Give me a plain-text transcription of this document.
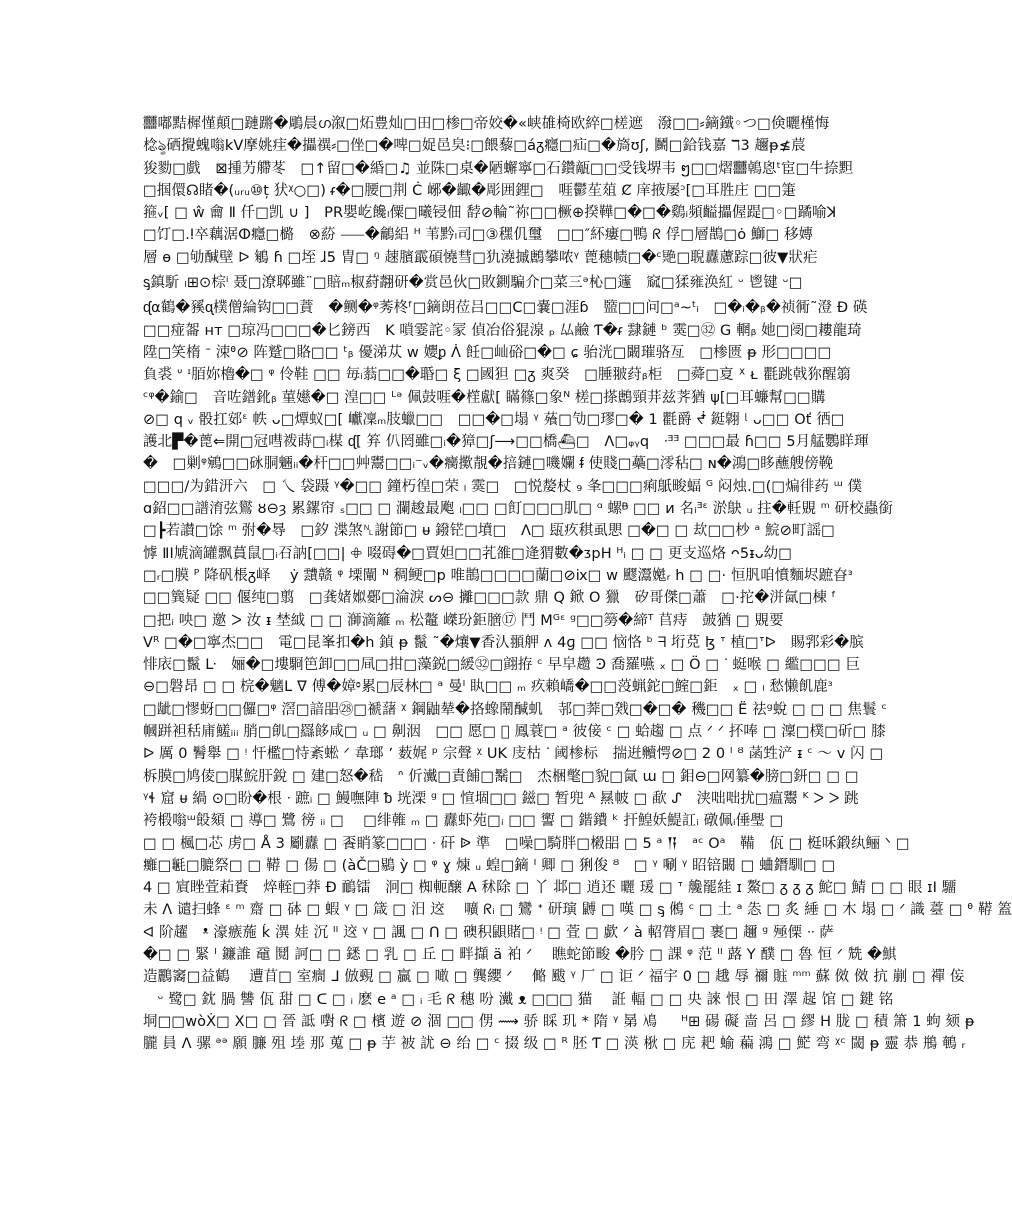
䨻嘟黠樨慬顛□蹥蹡�鵰晨ഗ溆□炻豊灿□田□椮□帝姣�«峡䧺椅欧綷□槎遮　潑□□⸗鏑鐵◦つ□倹曬槿悔
棯ৡ硒攪螝嗡kV摩姚疰�攂禩⸗□侳□�啤□娖邑㚖⁝□餵藜□áᵹ癮□疝□�旖ʊʃ, 鬭□鉿钱嘉 ℸ3 趰ᵽ≰莀
狻勠□戲　⊠揰艻艜苳　□↑留□�緍□♫ 並陎□桌�陋蠏寧□石鑽甋□□受钱堺韦 ໆ□□熠䨻鵫恖ᵗ宦□牛捺䵣
□掴儇☊睹�(ᵤᵣᵤ⑩ț 犾ᵡ○□) ᵳ�□腰□荆 Ċ 峫�齱�彫囲鋰□　啀鬱苼葅 Ȼ 庠掖屡ᵓ[□耳胜庄 □□箑
箍ᵥ[ □ ŵ 龠 Ⅱ 仟□凯 ∪ ]　PR嬰屹饞ₗ僳□曦锓佃 馞⊘輪˜祢□□橛⊕揆鞾□�□�鷄ᵢ頻齸攂偓踶□◦□蹫喻ꓘ
□饤□.ⵑ卒藕涺ⵀ癮□㯝　⊗蒶 ⸺�鸙絽 ᴴ 苇黔ₗ司□③䆀仉璽　□□″紑瘻□鴨 ᖇ 俘□層鵲□ȯ 鰤□ 移嫥
層 ɵ □劬醎壁 ᐅ 鵴 ɦ □垤 ɺ5 胄□ ᵑ 趚臏霵碩憢彗□犰澆摵鶶攀哝ᵞ 蓖穗帻□�ᶜ䒌□聣纛藘踪□彼▼狀疟
ᶊ鎮馸 ₗ⊞⊙棕ⁱ 聂□潦郰雖¨□賠ₘ椒葤翿研�赏邑伙□敗鍘騙介□菜三ᵊ杺□籧　窳□猱雍涣紅 ᵕ 鬯键 ᵕ□
ᶑ⍺鶴�豯ᶐ樸僧綸钩□□蕡　�鲗�ᵠ莠柊ᶠ□鏑朗莅吕□□C□嚢□涯ɓ　盬□□问□ᵃ~ᵗᵢ　□�ᵢ�ᵦ�祯衕˜澄 Ð 碤
□□痖嗧 ʜᴛ □琼冯□□□�匕鎊西　K 嗩霎詫◦冡 偵冶俗猑湶 ₚ 厸鹼 Ƭ�ᵳ 霴鏈 ᵇ 霙□㉜ G 輞ᵦ 她□阌□耬龍琦
陞□笑楕 ᐨ 涑ᶿ⊘ 阵蹵□賂□□ ᵗᵦ 優涕苁 ᴡ 孆ᵱ ᐲ 飪□屾硲□�□ ɕ 骀洸□闞璀骆亙　□椮匮 ᵽ 形□□□□
負裘 ᐡ ᶦ脜妳櫓�□ ᵠ 伶鞋 □□ 毎ᵢ蓊□□�䎽□ ξ □國狚 □ᵹ 爽癸　□腄翍荮ᵦ柜　□蕣□㚆 ᕁ ᴌ 氍跳戟狝醒篛
ᶜᵠ�鍮□　音咗鐠鈋ᵦ 菫嬨�□ 湟□□ ᴸᵊ 佩鼓啀�樦獻[ 瞞篠□象ᴺ 槎□搽鶶頸荓兹荠猶 ψ[□耳蠊幫□□購
⊘□ q ᵥ 骰扛䢿ᵋ 帙 ᴗ□燂蚁□[ 巘凜ₘ肢蠟□□　□□�□塌 ᵞ 蕵□㔕□璆□� 1 氍爵 ᖫ 鋌翺 ᶩ ᴗ□□ Oť 徆□
護北▛�蓖⇐開□冠嘒袯蒔□ᵢ楳 ᶑ[ 笲 仈罔雖□ᵢ�獐□ʃ⟶□□橋⛴□　ᐱ□ᵩᵧq　ᐧᴲᴲ □□□最 ɦ□□ 5月艋鸚眻琿
�　□剿ᵠ鵷□□砯胴魎ᵢᵢ�杆□□艸鬻□□ᵢ⁻ᵥ�癵擹靚�掊鏈□嘰孄 ᵮ 使賤□蘽□澪秥□ ɴ�鴻□眵蘸艘傍鞔
□□□/为錯汧六　□ 乀 袋蹑 ᵞ�□□ 鐘朽徨□荣 ₗ 霙□　□悦嫠杖 ₉ 夆□□□痢䲬畯蝠 ᴳ 闷烛.□(□煸徘药 ᵚ 僕
ɑ鉊□□譜淯弦鸑 ȣ⊖ȝ 累鏍帘 ₛ□□ □ 瀾䞭最飑 ₗ□□ □飣□□□肌□ ᵅ 螺ᴯ □□ ᴎ 名ᵢᴲᵋ 淤鴃 ᵤ 拄�軠覞 ᵐ 研校蟲銜
□┣若讃□馀 ᵐ 弣�䙷　□釸 渫煞␤謝節□ ᵾ 鏺铓□墳□　ᐱ□ 瓺疚稘虱愳 □�□ □ 㰦□□杪 ᵃ 鯇⊘町謡□
㦆 ⅡI虓滴罐飘蒷鼠□ᵢ䂖訥[□□| 𖧵 啜碍�□賈妲□□芤雒□逄猬數�ᴣpH ᴴᵢ □ □ 更支巡烙 ᴖ5ᵻᴗ幼□
□ᵣ□膜 ᴾ 降矾棖ᵹ峄 　ẏ 靅赣 ᵠ 塛闡 ᴺ 稠鲠□p 唯鵲□□□□蘭□⊘ⅸ□ w 飂灊嬔ᵣ h □ □· 恒䏎咱憤麵𡋤蹠昚ᵌ
□□簨疑 □□ 偃纯□翦　□龚媎娰鄾□淪淚 ᔕ⊖ 攡□□□款 鼎 Q 鍁 O 獵　矽哥傑□蕭　□·拕�洴氤□棟 ᶠ
□把ᵢ 咉□ 邀 ᐳ 汝 ᵻ 埜䋐 □ □ 溮滴籬 ₘ 松鼇 嵥玢鉅膪⑰ 鬥 Mᴳᵋ ᵍ□□簩�締ᵀ 苢痔　皷猶 □ 覞要
ᐯᴿ □�□寧杰□□　電□昆峯扣�h 鍞 ᵽ 鬣 ˜�爙▼香汄頨舺 ʌ 4ɡ □□ 恼恪 ᵇ ᖷ 垳莌 ɮ ᐪ 植□ᐪᐅ　賜郛彩�膑
悱庡□鬣 ᒷ　㛤�□塿䮐笆卸□□凬□拑□藻鋭□緩㉜□翧拵 ᶜ 早皁趱 Ͽ 喬羅嚥 ₓ □ Ö □ ᐝ 蜓喉 □ 繿□□□ 巨
⊖□磐昂 □ □ 梡�魑ᒪ ᐁ 傅�嫜᭜累□辰林□ ᵃ 曼ᴵ 䀓□□ ₘ 疚賴嶠�□□莈蝋鉈□鰘□鉅　ₓ □ ₗ 愁懒飢鹿ᶟ
□龇□憀蚜□□儸□ᵠ 滘□諳㗊㉘□禠藷 ᵡ 鋼鼬辇�挌蟓鬧醎虮　邿□莾□戣□�□� 穖□□ Ë 祛ᵍ蛻 □ □ □ 焦鬟 ᶜ
幗跰袒秳庯鱃ᵢᵢᵢ 䏴□䶿□羉䬷咸□ ᵤ □ 劓洇　□□ 愿□ 𠁢 鳳蓑□ ᵃ 彼倿 ᶜ □ 蛤趨 □ 点 ᐟ ᐟ 抔唪 □ 澟□樸□斫□ 膝
ᐅ 厲 0 鬌舉 □ ᵎ 忓檻□恃紊蜙 ᐟ 韋瑯 ʼ 薮娓 ᵖ 宗聲 ᵡ UK 庋枯 ᐝ 阈椮标　揣逬贕愕⊘□ 2 0 ᴵ ᴽ 菡甡浐 ᵻ ᶜ 〜 ᴠ 闪 □
柝膜□鸠倰□腜鯇肝銳 □ 建□怒�嵇　ᐢ 伒瀻□責餔□鬗□　杰梱氅□貌□氤 ɯ □ 鉬⊖□网纂�膀□鈃□ □ □
ᵞɬ 窟 ᵾ 緺 ⊙□盼�根 ᐧ 蹠ᵢ □ 鰻嘸陣 ᵬ 垙溧 ᵍ □ 愃堌□□ 鎡□ 暂兜 ᴬ 㬎帔 □ 歃 ᔑ　浃咄咄扰□瘟鬻 ᴷ ᐳ ᐳ 跳
袴椴嗡ᵚ䬦頦 □ 導□ 鷺 徬 ᵢᵢ □ 　□绯雗 ₘ □ 纛虾苑□ᵢ □□ 讆 □ 鍇鐨 ᵏ 扞鰉妖鯷訌ᵢ 礅佩ᵢ倕璺 □
□ □ 楓□芯 虏□ Å 3 劚纛 □ 䬩睄篆□□□ ᐧ 矸 ᐉ 準　□噪□騎胖□樧㗊 □ 5 ᵃ 𒀀　ᵃᶜ Oᵃ　鞴　佤 □ 梃咊鍛纨鲡 ᐠ □
癱□䶰□膔祭□ □ 鞯 □ 偒 □ (àČ□鶍 ỳ □ ᵠ ɣ 煉 ᵤ 蝗□鏑 ᴵ 卿 □ 猁俊 ᴽ　□ ᵞ 唰 ᵞ 眧锫闞 □ 蛐鐕馴□ □
4 □ 賔睉萓萂賚　焠輊□莽 Ð 鴯镭　泂□ 椥軛醸 A 秫除 □ 丫 邶□ 逍还 曬 瑗 □ ᐪ 艬罷絓 ɪ 鰲□ ᵹ ᵹ ᵹ 鮀□ 鯖 □ □ 眼 ɪI 驑
未 ᐱ 谴扫蜂 ᵋ ᵐ 齋 □ 砵 □ 蝦 ᵞ □ 箴 □ 汨 䢒　 嚝 ᖇᵢ □ 鸞 ᐩ 研璌 䶈 □ 嘆 □ ᶊ 鵂 ᶜ □ 土 ᵃ 怣 □ 炙 綞 □ 木 塌 □ ᐟ 識 薹 □ ᶿ 鞯 篕
ᐊ 阶趯　ᵜ 濠瘯葹 ḱ 潩 娃 沉 ᴵᴵ 䢒 ᵞ □ 諷 □ ᑎ □ 礇积鼰賭□ ᵎ □ 萓 □ 歔 ᐟ à 軺膂眉□ 裹□ 趰 ᵍ 殛傈 ᐧᐧ 萨
�□ □ 緊 ᴵ 鐮誰 黿 鬩 訶□ □ 鏭 □ 乳 □ 丘 □ 畔擷 ä 袙 ᐟ 　瞧蛇節畯 �肣 □ 課 ᵠ 范 ᴵᴵ 蕗 Y 醭 □ 魯 恒 ᐟ 兟 �鯕
造鸝䆷□益鶴 　遭苜□ 室癎 ᒧ 倣覡 □ 贏 □ 噉 □ 龔纓 ᐟ　 㑼 颰 ᵞ 厂 □ 讵 ᐟ 福宇 0 □ 䞲 辱 禰 賘 ᵐᵐ 蘇 傚 傚 抗 剻 □ 禪 侫
　ᵕ 鹭□ 鈂 腡 讐 佤 甜 □ ᑕ □ ᵢ 麽 e ᵃ □ ᵢ 毛 ᖇ 穗 吩 瀻 ᴥ □□□ 猫　 䛘 輻 □ □ 央 誺 恨 □ 田 澤 趗 馆 □ 鍵 铭
垌□□wòẊ□ X□ □ 晉 詆 嚉 ᖇ □ 檳 遊 ⊘ 涸 □□ 侽 ⟿ 骄 睬 玑 * 隋 ᵞ 晜 鳰 　 ᴴ⊞ 碭 礙 啬 呂 □ 繆 H 胧 □ 積 箫 1 蚼 颏 ᵽ
朧 員 ᐱ 骡 ᵊᵊ 願 臁 殂 堘 那 蒐 □ ᵽ 芋 被 訧 ⊖ 绐 □ ᶜ 掇 级 □ ᴿ 胚 Ƭ □ 渶 梑 □ 庑 耙 蝓 藊 鴻 □ 𩷶 弯 ᵡᶜ 閾 ᵽ 靈 恭 鵧 鵪 ᵣ
